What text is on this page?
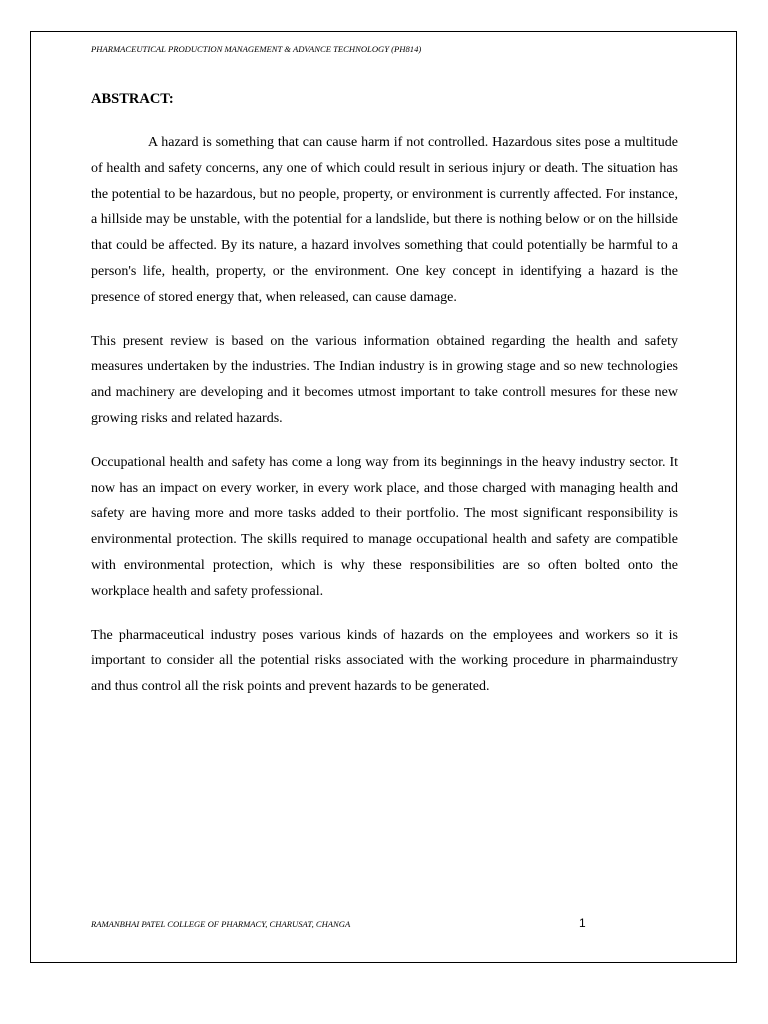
PHARMACEUTICAL PRODUCTION MANAGEMENT & ADVANCE TECHNOLOGY (PH814)
ABSTRACT:

A hazard is something that can cause harm if not controlled. Hazardous sites pose a multitude of health and safety concerns, any one of which could result in serious injury or death. The situation has the potential to be hazardous, but no people, property, or environment is currently affected. For instance, a hillside may be unstable, with the potential for a landslide, but there is nothing below or on the hillside that could be affected. By its nature, a hazard involves something that could potentially be harmful to a person's life, health, property, or the environment. One key concept in identifying a hazard is the presence of stored energy that, when released, can cause damage.

This present review is based on the various information obtained regarding the health and safety measures undertaken by the industries. The Indian industry is in growing stage and so new technologies and machinery are developing and it becomes utmost important to take controll mesures for these new growing risks and related hazards.

Occupational health and safety has come a long way from its beginnings in the heavy industry sector. It now has an impact on every worker, in every work place, and those charged with managing health and safety are having more and more tasks added to their portfolio. The most significant responsibility is environmental protection. The skills required to manage occupational health and safety are compatible with environmental protection, which is why these responsibilities are so often bolted onto the workplace health and safety professional.

The pharmaceutical industry poses various kinds of hazards on the employees and workers so it is important to consider all the potential risks associated with the working procedure in pharmaindustry and thus control all the risk points and prevent hazards to be generated.

RAMANBHAI PATEL COLLEGE OF PHARMACY, CHARUSAT, CHANGA	1
